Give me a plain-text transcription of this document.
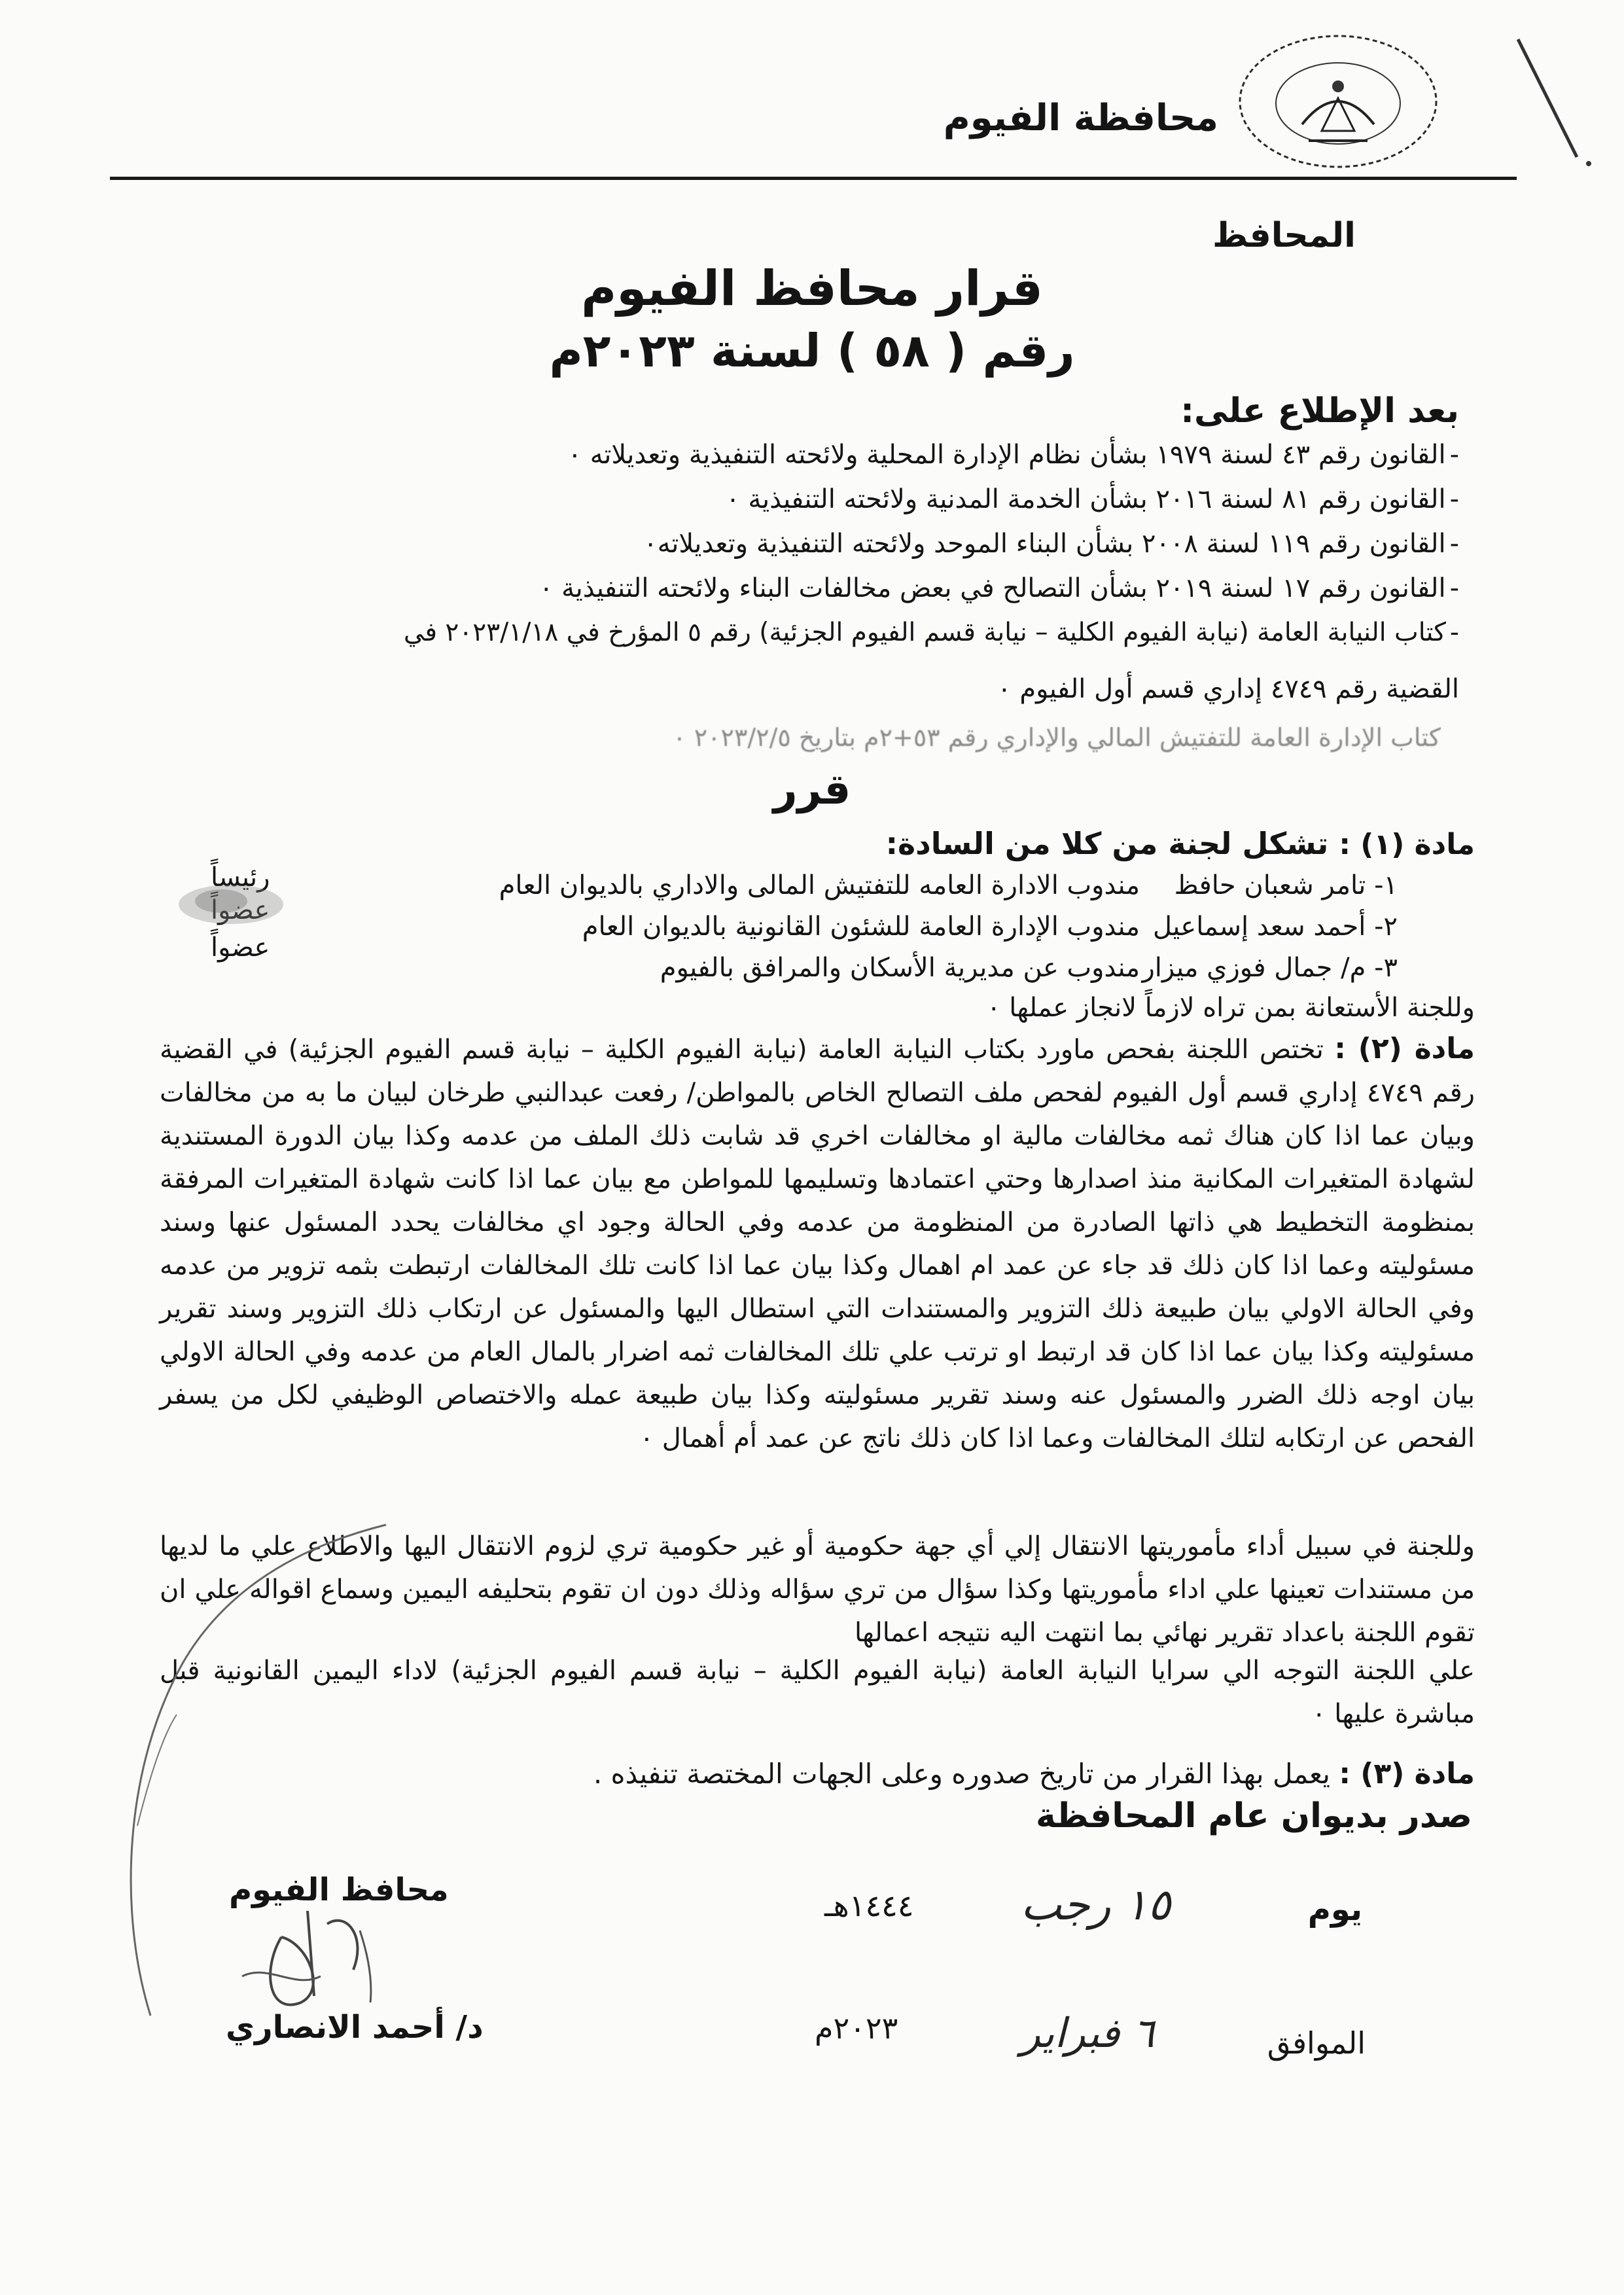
محافظة الفيوم
المحافظ
قرار محافظ الفيوم
رقم ( ٥٨ ) لسنة ٢٠٢٣م
بعد الإطلاع على:
-القانون رقم ٤٣ لسنة ١٩٧٩ بشأن نظام الإدارة المحلية ولائحته التنفيذية وتعديلاته ٠
-القانون رقم ٨١ لسنة ٢٠١٦ بشأن الخدمة المدنية ولائحته التنفيذية ٠
-القانون رقم ١١٩ لسنة ٢٠٠٨ بشأن البناء الموحد ولائحته التنفيذية وتعديلاته٠
-القانون رقم ١٧ لسنة ٢٠١٩ بشأن التصالح في بعض مخالفات البناء ولائحته التنفيذية ٠
-كتاب النيابة العامة (نيابة الفيوم الكلية – نيابة قسم الفيوم الجزئية) رقم ٥ المؤرخ في ٢٠٢٣/١/١٨ في
القضية رقم ٤٧٤٩ إداري قسم أول الفيوم ٠
كتاب الإدارة العامة للتفتيش المالي والإداري رقم ٥٣+٢م بتاريخ ٢٠٢٣/٢/٥ ٠
قرر
مادة (١) : تشكل لجنة من كلا من السادة:
١- تامر شعبان حافظ
مندوب الادارة العامه للتفتيش المالى والاداري بالديوان العام
رئيساً
٢- أحمد سعد إسماعيل
مندوب الإدارة العامة للشئون القانونية بالديوان العام
عضواً
٣- م/ جمال فوزي ميزار
مندوب عن مديرية الأسكان والمرافق بالفيوم
عضواً
وللجنة الأستعانة بمن تراه لازماً لانجاز عملها ٠
مادة (٢) : تختص اللجنة بفحص ماورد بكتاب النيابة العامة (نيابة الفيوم الكلية – نيابة قسم الفيوم الجزئية) في القضية رقم ٤٧٤٩ إداري قسم أول الفيوم لفحص ملف التصالح الخاص بالمواطن/ رفعت عبدالنبي طرخان لبيان ما به من مخالفات وبيان عما اذا كان هناك ثمه مخالفات مالية او مخالفات اخري قد شابت ذلك الملف من عدمه وكذا بيان الدورة المستندية لشهادة المتغيرات المكانية منذ اصدارها وحتي اعتمادها وتسليمها للمواطن مع بيان عما اذا كانت شهادة المتغيرات المرفقة بمنظومة التخطيط هي ذاتها الصادرة من المنظومة من عدمه وفي الحالة وجود اي مخالفات يحدد المسئول عنها وسند مسئوليته وعما اذا كان ذلك قد جاء عن عمد ام اهمال وكذا بيان عما اذا كانت تلك المخالفات ارتبطت بثمه تزوير من عدمه وفي الحالة الاولي بيان طبيعة ذلك التزوير والمستندات التي استطال اليها والمسئول عن ارتكاب ذلك التزوير وسند تقرير مسئوليته وكذا بيان عما اذا كان قد ارتبط او ترتب علي تلك المخالفات ثمه اضرار بالمال العام من عدمه وفي الحالة الاولي بيان اوجه ذلك الضرر والمسئول عنه وسند تقرير مسئوليته وكذا بيان طبيعة عمله والاختصاص الوظيفي لكل من يسفر الفحص عن ارتكابه لتلك المخالفات وعما اذا كان ذلك ناتج عن عمد أم أهمال ٠
وللجنة في سبيل أداء مأموريتها الانتقال إلي أي جهة حكومية أو غير حكومية تري لزوم الانتقال اليها والاطلاع علي ما لديها من مستندات تعينها علي اداء مأموريتها وكذا سؤال من تري سؤاله وذلك دون ان تقوم بتحليفه اليمين وسماع اقواله علي ان تقوم اللجنة باعداد تقرير نهائي بما انتهت اليه نتيجه اعمالها
علي اللجنة التوجه الي سرايا النيابة العامة (نيابة الفيوم الكلية – نيابة قسم الفيوم الجزئية) لاداء اليمين القانونية قبل مباشرة عليها ٠
مادة (٣) : يعمل بهذا القرار من تاريخ صدوره وعلى الجهات المختصة تنفيذه .
صدر بديوان عام المحافظة
يوم
١٥ رجب
١٤٤٤هـ
الموافق
٦ فبراير
٢٠٢٣م
محافظ الفيوم
د/ أحمد الانصاري
